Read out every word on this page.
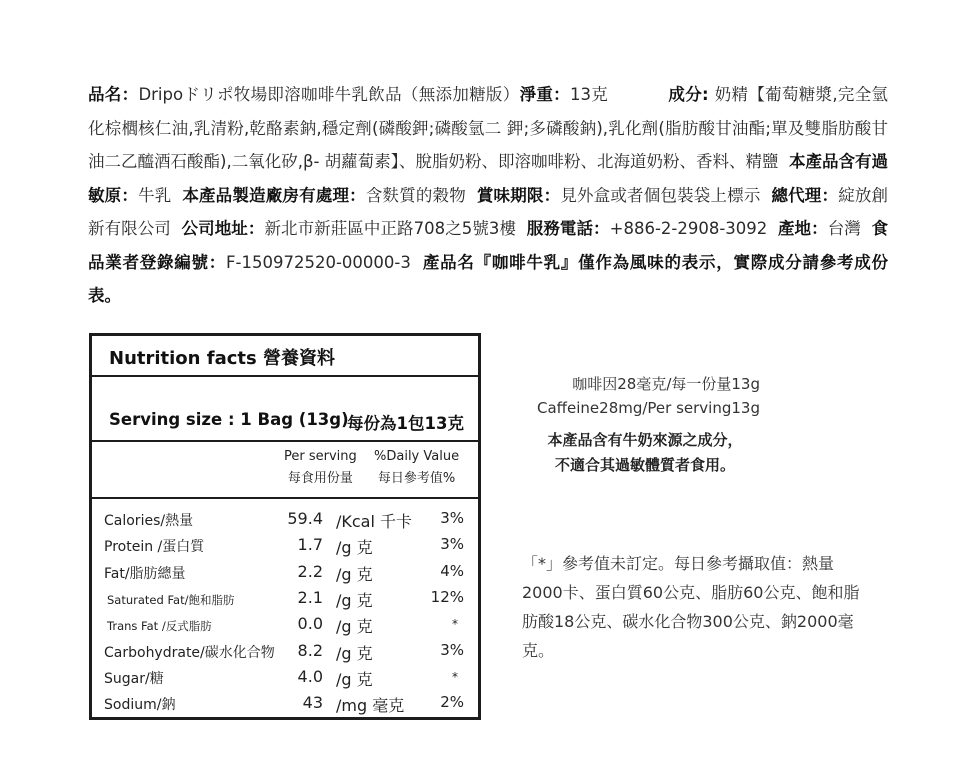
品名：Dripoドリポ牧場即溶咖啡牛乳飲品（無添加糖版）淨重：13克	成分: 奶精【葡萄糖漿,完全氫化棕櫚核仁油,乳清粉,乾酪素鈉,穩定劑(磷酸鉀;磷酸氫二 鉀;多磷酸鈉),乳化劑(脂肪酸甘油酯;單及雙脂肪酸甘油二乙醯酒石酸酯),二氧化矽,β- 胡蘿蔔素】、脫脂奶粉、即溶咖啡粉、北海道奶粉、香料、精鹽 本產品含有過敏原：牛乳 本產品製造廠房有處理：含麩質的穀物 賞味期限：見外盒或者個包裝袋上標示 總代理：綻放創新有限公司 公司地址：新北市新莊區中正路708之5號3樓 服務電話：+886-2-2908-3092 產地：台灣 食品業者登錄編號：F-150972520-00000-3 產品名『咖啡牛乳』僅作為風味的表示，實際成分請參考成份表。
Nutrition facts 營養資料
Serving size : 1 Bag (13g)
每份為1包13克
Per serving
每食用份量
%Daily Value
每日參考值%
Calories/熱量	59.4 /Kcal 千卡 3%
Protein /蛋白質	1.7 /g 克	3%
Fat/脂肪總量	2.2 /g 克	4%
Saturated Fat/飽和脂肪	2.1 /g 克	12%
Trans Fat /反式脂肪	0.0 /g 克	*
Carbohydrate/碳水化合物 8.2 /g 克	3%
Sugar/糖	4.0 /g 克	*
Sodium/鈉	43 /mg 毫克 2%
咖啡因28毫克/每一份量13g
Caffeine28mg/Per serving13g
本產品含有牛奶來源之成分，
不適合其過敏體質者食用。
「*」參考值未訂定。每日參考攝取值：熱量2000卡、蛋白質60公克、脂肪60公克、飽和脂肪酸18公克、碳水化合物300公克、鈉2000毫克。
